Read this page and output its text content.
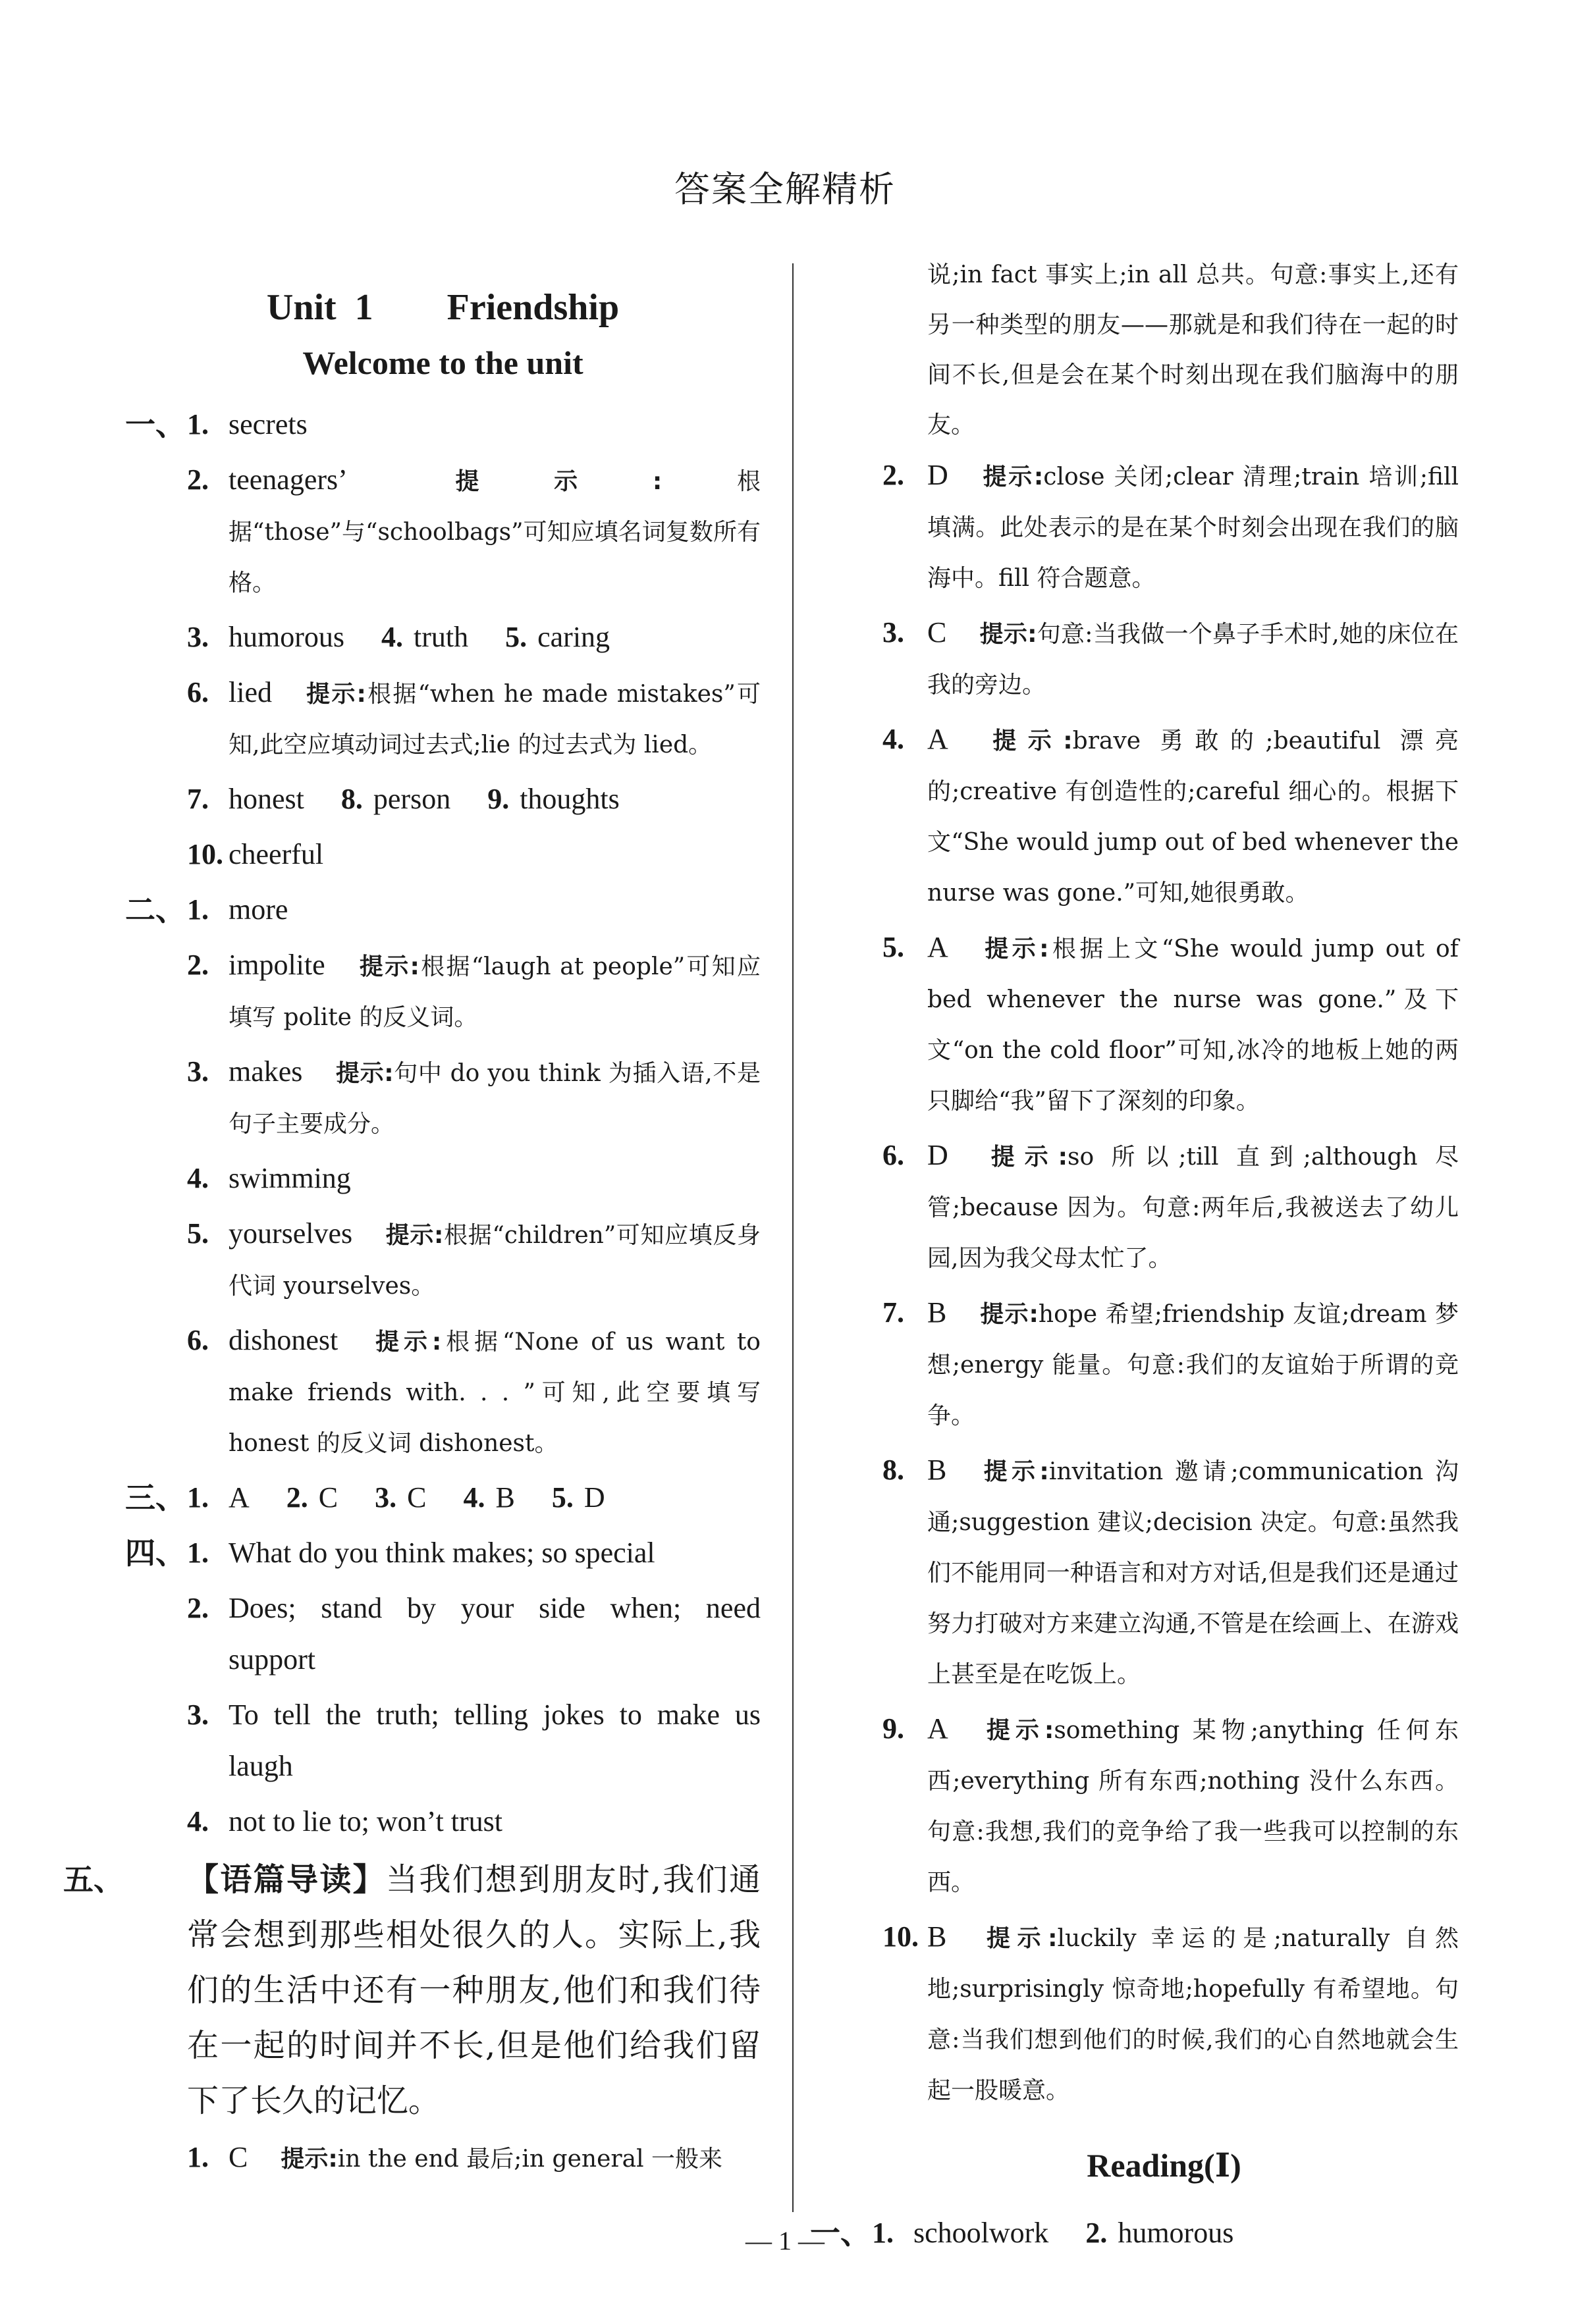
答案全解精析
Unit 1    Friendship
Welcome to the unit
一、 1. secrets
2. teenagers’ 提示:根据“those”与“schoolbags”可知应填名词复数所有格。
3. humorous 4. truth 5. caring
6. lied 提示:根据“when he made mistakes”可知,此空应填动词过去式;lie 的过去式为 lied。
7. honest 8. person 9. thoughts
10. cheerful
二、 1. more
2. impolite 提示:根据“laugh at people”可知应填写 polite 的反义词。
3. makes 提示:句中 do you think 为插入语,不是句子主要成分。
4. swimming
5. yourselves 提示:根据“children”可知应填反身代词 yourselves。
6. dishonest 提示:根据“None of us want to make friends with. . . ”可知,此空要填写 honest 的反义词 dishonest。
三、 1. A 2. C 3. C 4. B 5. D
四、 1. What do you think makes; so special
2. Does; stand by your side when; need support
3. To tell the truth; telling jokes to make us laugh
4. not to lie to; won’t trust
五、 【语篇导读】当我们想到朋友时,我们通常会想到那些相处很久的人。实际上,我们的生活中还有一种朋友,他们和我们待在一起的时间并不长,但是他们给我们留下了长久的记忆。
1. C 提示:in the end 最后;in general 一般来
说;in fact 事实上;in all 总共。句意:事实上,还有另一种类型的朋友——那就是和我们待在一起的时间不长,但是会在某个时刻出现在我们脑海中的朋友。
2. D 提示:close 关闭;clear 清理;train 培训;fill 填满。此处表示的是在某个时刻会出现在我们的脑海中。fill 符合题意。
3. C 提示:句意:当我做一个鼻子手术时,她的床位在我的旁边。
4. A 提示:brave 勇敢的;beautiful 漂亮的;creative 有创造性的;careful 细心的。根据下文“She would jump out of bed whenever the nurse was gone.”可知,她很勇敢。
5. A 提示:根据上文“She would jump out of bed whenever the nurse was gone.”及下文“on the cold floor”可知,冰冷的地板上她的两只脚给“我”留下了深刻的印象。
6. D 提示:so 所以;till 直到;although 尽管;because 因为。句意:两年后,我被送去了幼儿园,因为我父母太忙了。
7. B 提示:hope 希望;friendship 友谊;dream 梦想;energy 能量。句意:我们的友谊始于所谓的竞争。
8. B 提示:invitation 邀请;communication 沟通;suggestion 建议;decision 决定。句意:虽然我们不能用同一种语言和对方对话,但是我们还是通过努力打破对方来建立沟通,不管是在绘画上、在游戏上甚至是在吃饭上。
9. A 提示:something 某物;anything 任何东西;everything 所有东西;nothing 没什么东西。句意:我想,我们的竞争给了我一些我可以控制的东西。
10. B 提示:luckily 幸运的是;naturally 自然地;surprisingly 惊奇地;hopefully 有希望地。句意:当我们想到他们的时候,我们的心自然地就会生起一股暖意。
Reading(Ⅰ)
一、 1. schoolwork 2. humorous
— 1 —
